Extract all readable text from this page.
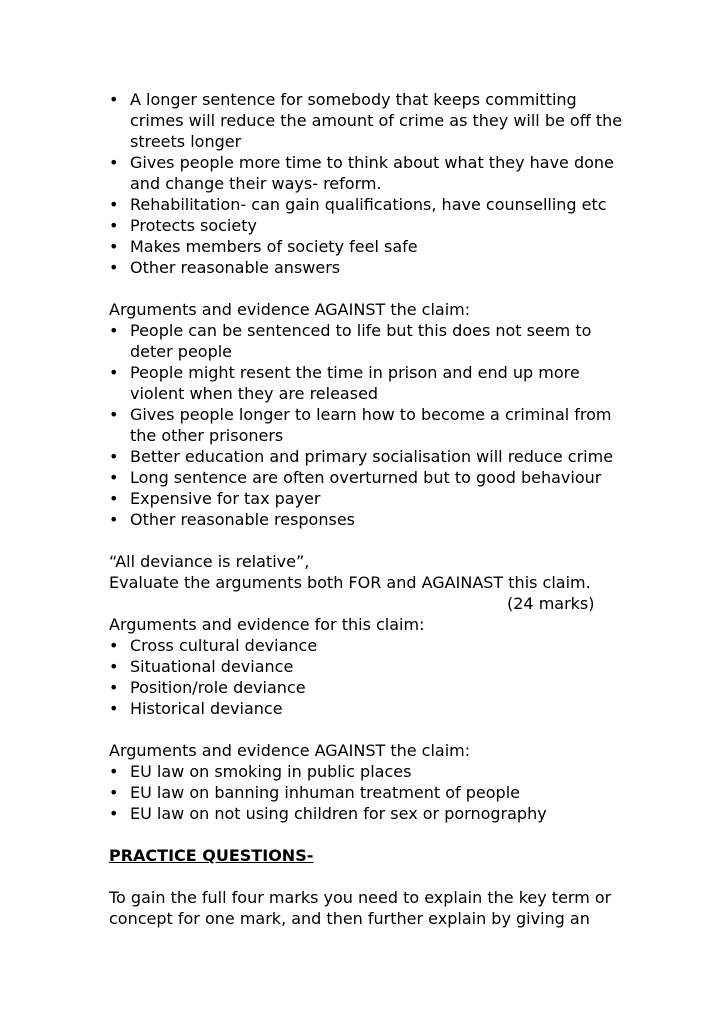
• A longer sentence for somebody that keeps committing crimes will reduce the amount of crime as they will be off the streets longer
• Gives people more time to think about what they have done and change their ways- reform.
• Rehabilitation- can gain qualifications, have counselling etc
• Protects society
• Makes members of society feel safe
• Other reasonable answers

Arguments and evidence AGAINST the claim:

• People can be sentenced to life but this does not seem to deter people
• People might resent the time in prison and end up more violent when they are released
• Gives people longer to learn how to become a criminal from the other prisoners
• Better education and primary socialisation will reduce crime
• Long sentence are often overturned but to good behaviour
• Expensive for tax payer
• Other reasonable responses

“All deviance is relative”,

Evaluate the arguments both FOR and AGAINAST this claim.

(24 marks)

Arguments and evidence for this claim:

• Cross cultural deviance
• Situational deviance
• Position/role deviance
• Historical deviance

Arguments and evidence AGAINST the claim:

• EU law on smoking in public places
• EU law on banning inhuman treatment of people
• EU law on not using children for sex or pornography

PRACTICE QUESTIONS-

To gain the full four marks you need to explain the key term or concept for one mark, and then further explain by giving an
